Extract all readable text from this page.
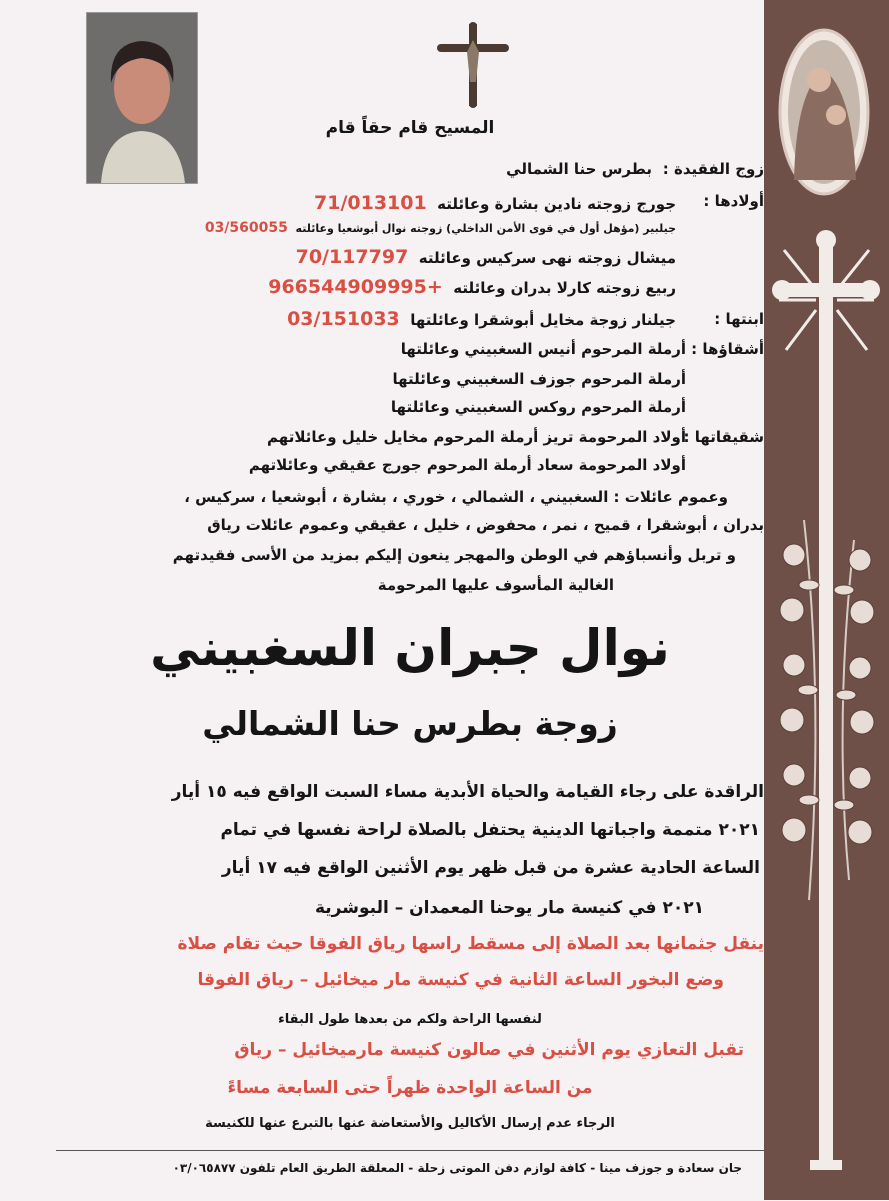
المسيح قام حقاً قام
زوج الفقيدة :
بطرس حنا الشمالي
أولادها :
جورج زوجته نادين بشارة وعائلته  71/013101
جيلبير (مؤهل أول في قوى الأمن الداخلي) زوجته نوال أبوشعيا وعائلته  03/560055
ميشال زوجته نهى سركيس وعائلته  70/117797
ربيع زوجته كارلا بدران وعائلته  +966544909995
ابنتها :
جيلنار زوجة مخايل أبوشقرا وعائلتها  03/151033
أشقاؤها :
أرملة المرحوم أنيس السغبيني وعائلتها
أرملة المرحوم جوزف السغبيني وعائلتها
أرملة المرحوم روكس السغبيني وعائلتها
شقيقاتها :
أولاد المرحومة تريز أرملة المرحوم مخايل خليل وعائلاتهم
أولاد المرحومة سعاد أرملة المرحوم جورج عقيقي وعائلاتهم
وعموم عائلات : السغبيني ، الشمالي ، خوري ، بشارة ، أبوشعيا ، سركيس ،
بدران ، أبوشقرا ، قميح ، نمر ، محفوض ، خليل ، عقيقي وعموم عائلات رياق
و تربل وأنسباؤهم في الوطن والمهجر ينعون إليكم بمزيد من الأسى فقيدتهم
الغالية المأسوف عليها المرحومة
نوال جبران السغبيني
زوجة بطرس حنا الشمالي
الراقدة على رجاء القيامة والحياة الأبدية مساء السبت الواقع فيه ١٥ أيار
٢٠٢١ متممة واجباتها الدينية يحتفل بالصلاة لراحة نفسها في تمام
الساعة الحادية عشرة من قبل ظهر يوم الأثنين الواقع فيه ١٧ أيار
٢٠٢١ في كنيسة مار يوحنا المعمدان – البوشرية
ينقل جثمانها بعد الصلاة إلى مسقط راسها رياق الفوقا حيث تقام صلاة
وضع البخور الساعة الثانية في كنيسة مار ميخائيل – رياق الفوقا
لنفسها الراحة ولكم من بعدها طول البقاء
تقبل التعازي يوم الأثنين في صالون كنيسة مارميخائيل – رياق
من الساعة الواحدة ظهراً حتى السابعة مساءً
الرجاء عدم إرسال الأكاليل والأستعاضة عنها بالتبرع عنها للكنيسة
جان سعادة و جوزف مينا - كافة لوازم دفن الموتى زحلة - المعلقة الطريق العام تلفون ٠٣/٠٦٥٨٧٧
